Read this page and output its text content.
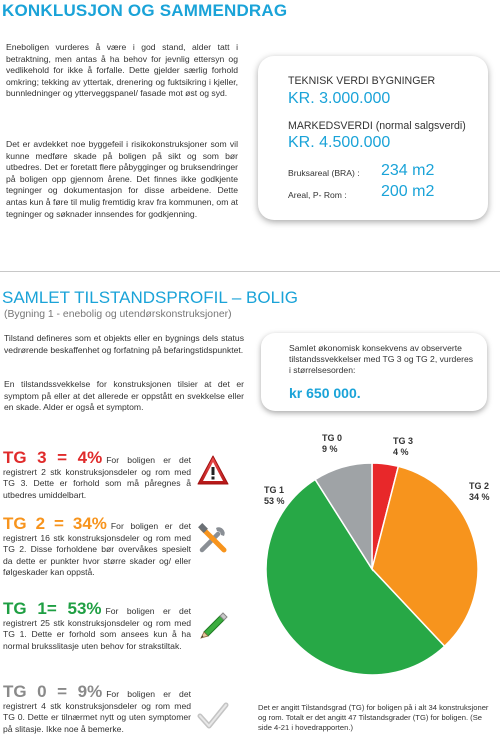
KONKLUSJON OG SAMMENDRAG
Eneboligen vurderes å være i god stand, alder tatt i betraktning, men antas å ha behov for jevnlig ettersyn og vedlikehold for ikke å forfalle. Dette gjelder særlig forhold omkring; tekking av yttertak, drenering og fuktsikring i kjeller, bunnledninger og ytterveggspanel/ fasade mot øst og syd.
Det er avdekket noe byggefeil i risikokonstruksjoner som vil kunne medføre skade på boligen på sikt og som bør utbedres. Det er foretatt flere påbygginger og bruksendringer på boligen opp gjennom årene. Det finnes ikke godkjente tegninger og dokumentasjon for disse arbeidene. Dette antas kun å føre til mulig fremtidig krav fra kommunen, om at tegninger og søknader innsendes for godkjenning.
TEKNISK VERDI BYGNINGER
KR. 3.000.000
MARKEDSVERDI (normal salgsverdi)
KR. 4.500.000
Bruksareal (BRA) : 234 m2
Areal, P- Rom : 200 m2
SAMLET TILSTANDSPROFIL – BOLIG
(Bygning 1 - enebolig og utendørskonstruksjoner)
Tilstand defineres som et objekts eller en bygnings dels status vedrørende beskaffenhet og forfatning på befaringstidspunktet.
En tilstandssvekkelse for konstruksjonen tilsier at det er symptom på eller at det allerede er oppstått en svekkelse eller en skade. Alder er også et symptom.
Samlet økonomisk konsekvens av observerte tilstandssvekkelser med TG 3 og TG 2, vurderes i størrelsesorden:
kr 650 000.
TG 3 = 4% For boligen er det registrert 2 stk konstruksjonsdeler og rom med TG 3. Dette er forhold som må påregnes å utbedres umiddelbart.
TG 2 = 34% For boligen er det registrert 16 stk konstruksjonsdeler og rom med TG 2. Disse forholdene bør overvåkes spesielt da dette er punkter hvor større skader og/ eller følgeskader kan oppstå.
TG 1= 53% For boligen er det registrert 25 stk konstruksjonsdeler og rom med TG 1. Dette er forhold som ansees kun å ha normal bruksslitasje uten behov for strakstiltak.
TG 0 = 9% For boligen er det registrert 4 stk konstruksjonsdeler og rom med TG 0. Dette er tilnærmet nytt og uten symptomer på slitasje. Ikke noe å bemerke.
TG 3
4 %
TG 2
34 %
TG 1
53 %
TG 0
9 %
Det er angitt Tilstandsgrad (TG) for boligen på i alt 34 konstruksjoner og rom. Totalt er det angitt 47 Tilstandsgrader (TG) for boligen. (Se side 4-21 i hovedrapporten.)
